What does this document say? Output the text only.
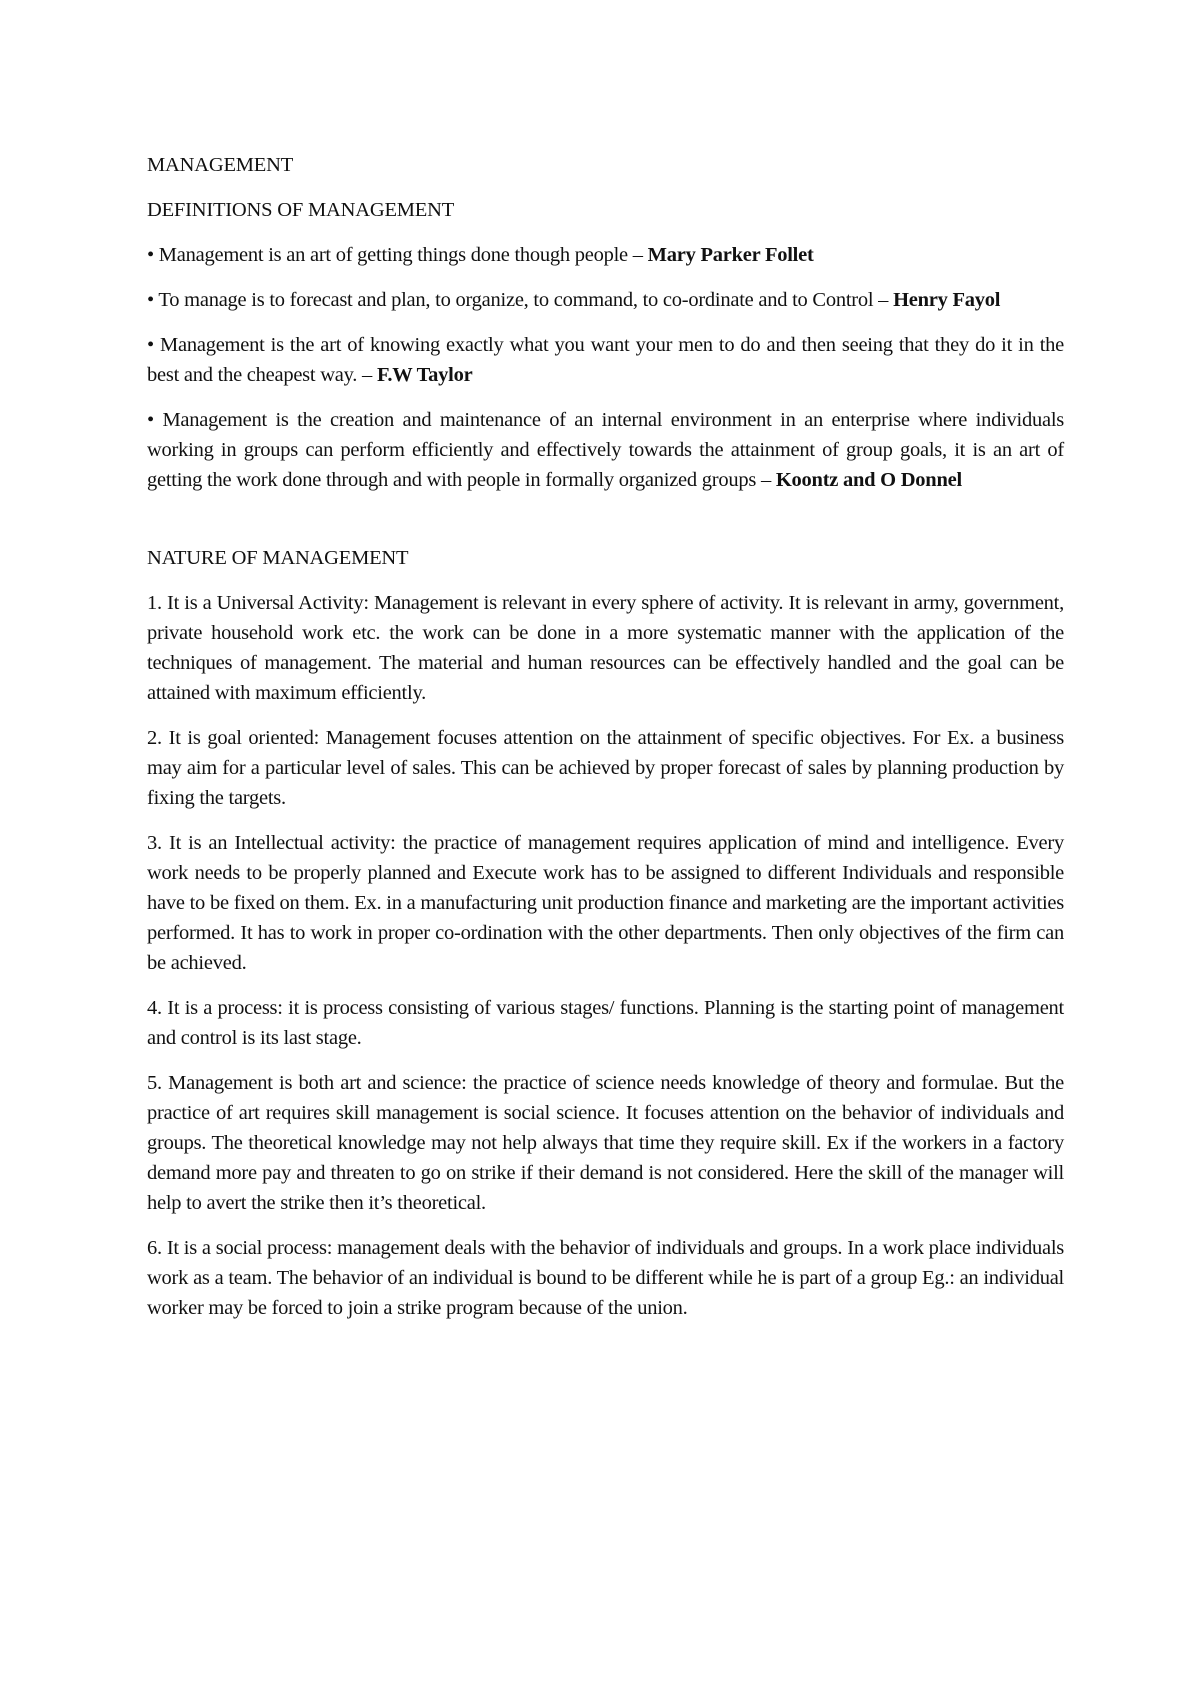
MANAGEMENT
DEFINITIONS OF MANAGEMENT

• Management is an art of getting things done though people – Mary Parker Follet

• To manage is to forecast and plan, to organize, to command, to co-ordinate and to Control – Henry Fayol

• Management is the art of knowing exactly what you want your men to do and then seeing that they do it in the best and the cheapest way. – F.W Taylor

• Management is the creation and maintenance of an internal environment in an enterprise where individuals working in groups can perform efficiently and effectively towards the attainment of group goals, it is an art of getting the work done through and with people in formally organized groups – Koontz and O Donnel

NATURE OF MANAGEMENT

1. It is a Universal Activity: Management is relevant in every sphere of activity. It is relevant in army, government, private household work etc. the work can be done in a more systematic manner with the application of the techniques of management. The material and human resources can be effectively handled and the goal can be attained with maximum efficiently.

2. It is goal oriented: Management focuses attention on the attainment of specific objectives. For Ex. a business may aim for a particular level of sales. This can be achieved by proper forecast of sales by planning production by fixing the targets.

3. It is an Intellectual activity: the practice of management requires application of mind and intelligence. Every work needs to be properly planned and Execute work has to be assigned to different Individuals and responsible have to be fixed on them. Ex. in a manufacturing unit production finance and marketing are the important activities performed. It has to work in proper co-ordination with the other departments. Then only objectives of the firm can be achieved.

4. It is a process: it is process consisting of various stages/ functions. Planning is the starting point of management and control is its last stage.

5. Management is both art and science: the practice of science needs knowledge of theory and formulae. But the practice of art requires skill management is social science. It focuses attention on the behavior of individuals and groups. The theoretical knowledge may not help always that time they require skill. Ex if the workers in a factory demand more pay and threaten to go on strike if their demand is not considered. Here the skill of the manager will help to avert the strike then it’s theoretical.

6. It is a social process: management deals with the behavior of individuals and groups. In a work place individuals work as a team. The behavior of an individual is bound to be different while he is part of a group Eg.: an individual worker may be forced to join a strike program because of the union.
